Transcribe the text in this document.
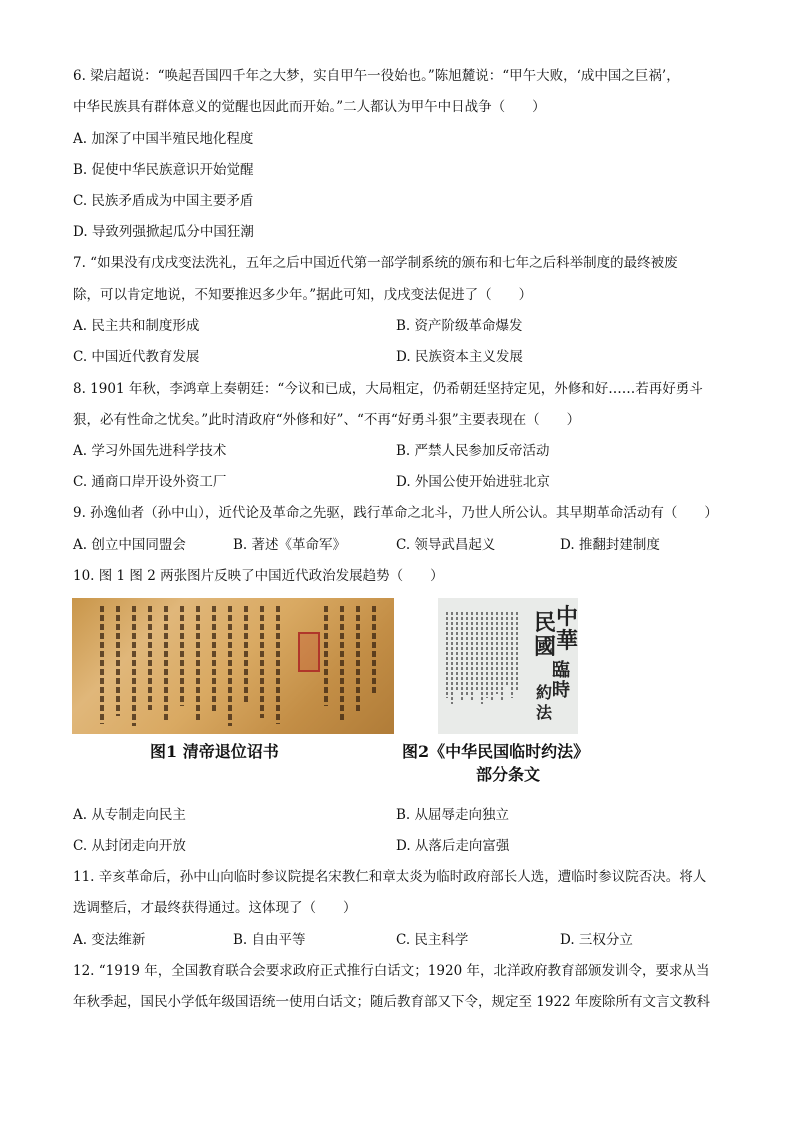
6. 梁启超说：“唤起吾国四千年之大梦，实自甲午一役始也。”陈旭麓说：“甲午大败，‘成中国之巨祸’，
中华民族具有群体意义的觉醒也因此而开始。”二人都认为甲午中日战争（　　）
A. 加深了中国半殖民地化程度
B. 促使中华民族意识开始觉醒
C. 民族矛盾成为中国主要矛盾
D. 导致列强掀起瓜分中国狂潮
7. “如果没有戊戌变法洗礼，五年之后中国近代第一部学制系统的颁布和七年之后科举制度的最终被废
除，可以肯定地说，不知要推迟多少年。”据此可知，戊戌变法促进了（　　）
A. 民主共和制度形成	B. 资产阶级革命爆发
C. 中国近代教育发展	D. 民族资本主义发展
8. 1901 年秋，李鸿章上奏朝廷：“今议和已成，大局粗定，仍希朝廷坚持定见，外修和好……若再好勇斗
狠，必有性命之忧矣。”此时清政府“外修和好”、“不再“好勇斗狠”主要表现在（　　）
A. 学习外国先进科学技术	B. 严禁人民参加反帝活动
C. 通商口岸开设外资工厂	D. 外国公使开始进驻北京
9. 孙逸仙者（孙中山），近代论及革命之先驱，践行革命之北斗，乃世人所公认。其早期革命活动有（　　）
A. 创立中国同盟会	B. 著述《革命军》	C. 领导武昌起义	D. 推翻封建制度
10. 图 1 图 2 两张图片反映了中国近代政治发展趋势（　　）
图1 清帝退位诏书
中
華
民
國
臨
時
約
法
图2《中华民国临时约法》
部分条文
A. 从专制走向民主	B. 从屈辱走向独立
C. 从封闭走向开放	D. 从落后走向富强
11. 辛亥革命后，孙中山向临时参议院提名宋教仁和章太炎为临时政府部长人选，遭临时参议院否决。将人
选调整后，才最终获得通过。这体现了（　　）
A. 变法维新	B. 自由平等	C. 民主科学	D. 三权分立
12. “1919 年，全国教育联合会要求政府正式推行白话文；1920 年，北洋政府教育部颁发训令，要求从当
年秋季起，国民小学低年级国语统一使用白话文；随后教育部又下令，规定至 1922 年废除所有文言文教科
